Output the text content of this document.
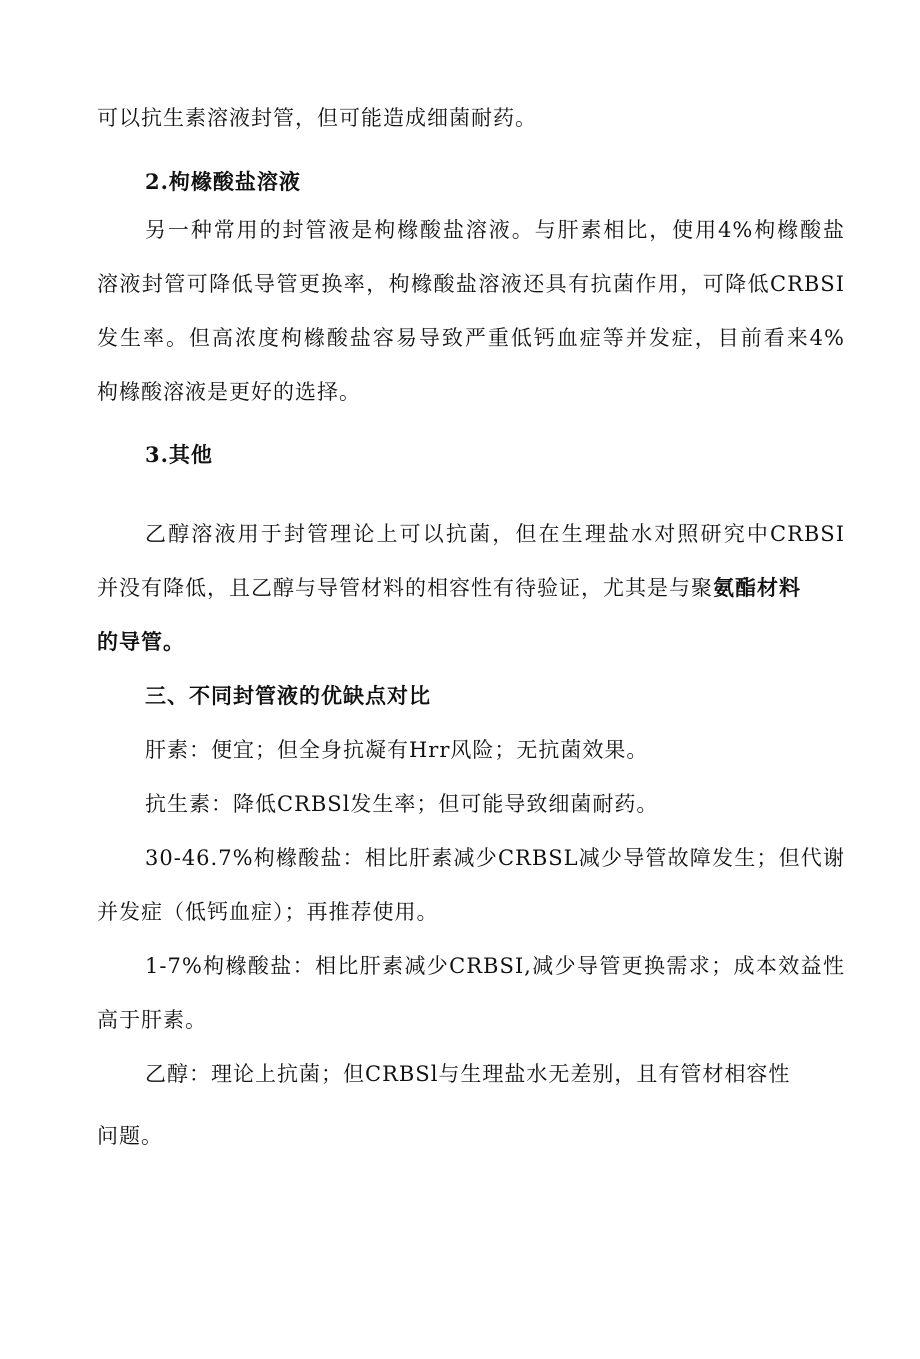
可以抗生素溶液封管，但可能造成细菌耐药。
2.枸橼酸盐溶液
另一种常用的封管液是枸橼酸盐溶液。与肝素相比，使用4%枸橼酸盐
溶液封管可降低导管更换率，枸橼酸盐溶液还具有抗菌作用，可降低CRBSI
发生率。但高浓度枸橼酸盐容易导致严重低钙血症等并发症，目前看来4%
枸橼酸溶液是更好的选择。
3.其他
乙醇溶液用于封管理论上可以抗菌，但在生理盐水对照研究中CRBSI
并没有降低，且乙醇与导管材料的相容性有待验证，尤其是与聚氨酯材料
的导管。
三、不同封管液的优缺点对比
肝素：便宜；但全身抗凝有Hrr风险；无抗菌效果。
抗生素：降低CRBSl发生率；但可能导致细菌耐药。
30-46.7%枸橼酸盐：相比肝素减少CRBSL减少导管故障发生；但代谢
并发症（低钙血症）；再推荐使用。
1-7%枸橼酸盐：相比肝素减少CRBSI,减少导管更换需求；成本效益性
高于肝素。
乙醇：理论上抗菌；但CRBSl与生理盐水无差别，且有管材相容性
问题。
